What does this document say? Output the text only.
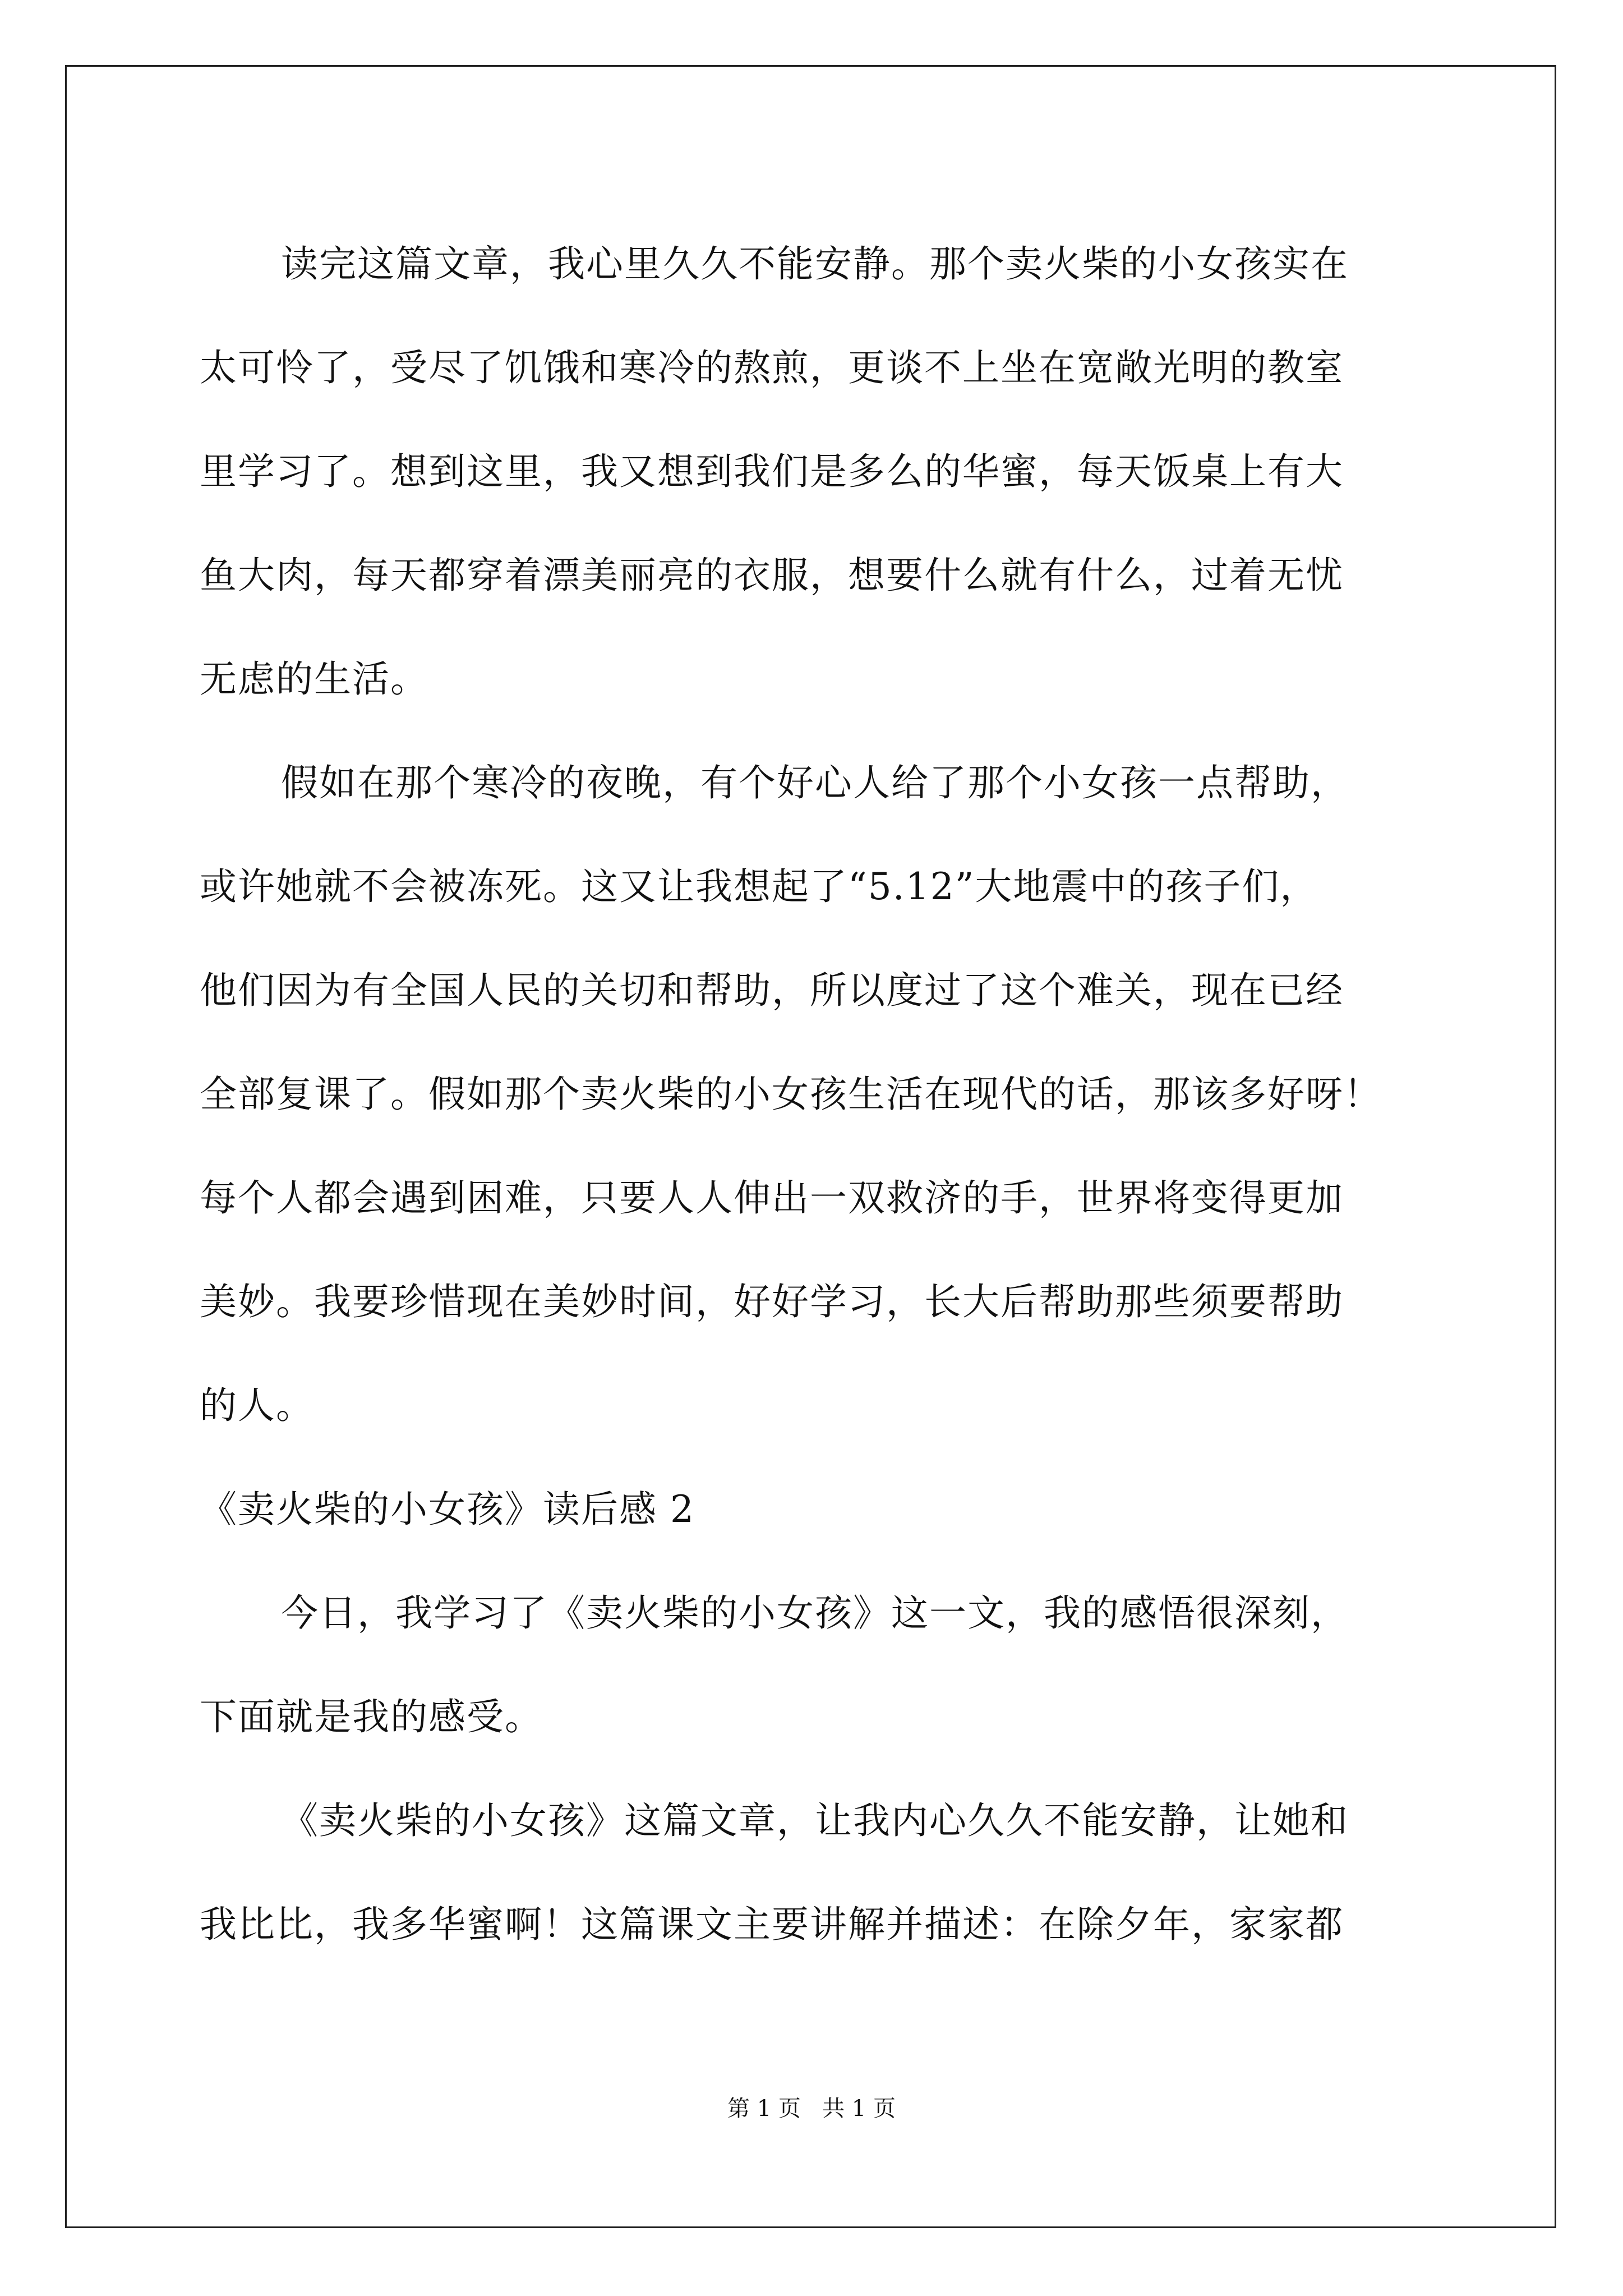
读完这篇文章，我心里久久不能安静。那个卖火柴的小女孩实在
太可怜了，受尽了饥饿和寒冷的熬煎，更谈不上坐在宽敞光明的教室
里学习了。想到这里，我又想到我们是多么的华蜜，每天饭桌上有大
鱼大肉，每天都穿着漂美丽亮的衣服，想要什么就有什么，过着无忧
无虑的生活。
假如在那个寒冷的夜晚，有个好心人给了那个小女孩一点帮助，
或许她就不会被冻死。这又让我想起了“5.12”大地震中的孩子们，
他们因为有全国人民的关切和帮助，所以度过了这个难关，现在已经
全部复课了。假如那个卖火柴的小女孩生活在现代的话，那该多好呀！
每个人都会遇到困难，只要人人伸出一双救济的手，世界将变得更加
美妙。我要珍惜现在美妙时间，好好学习，长大后帮助那些须要帮助
的人。
《卖火柴的小女孩》读后感 2
今日，我学习了《卖火柴的小女孩》这一文，我的感悟很深刻，
下面就是我的感受。
《卖火柴的小女孩》这篇文章，让我内心久久不能安静，让她和
我比比，我多华蜜啊！这篇课文主要讲解并描述：在除夕年，家家都
第 1 页   共 1 页
